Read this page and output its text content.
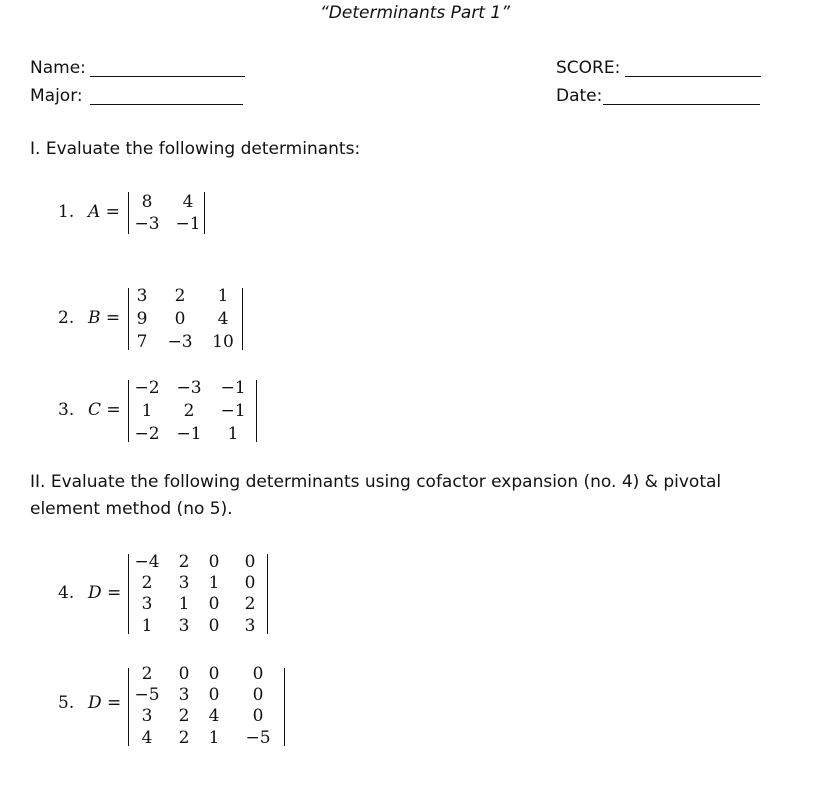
“Determinants Part 1”
Name:
Major:
SCORE:
Date:
I. Evaluate the following determinants:
II. Evaluate the following determinants using cofactor expansion (no. 4) & pivotal element method (no 5).
1. A =	8	4
−3 −1
2. B =
3	2	1
9	0	4
7	−3	10
3. C =
−2 −3 −1
1	2	−1
−2 −1	1
4. D =
−4	2	0	0
2	3	1	0
3	1	0	2
1	3	0	3
5. D =
2	0	0	0
−5	3	0	0
3	2	4	0
4	2	1	−5
